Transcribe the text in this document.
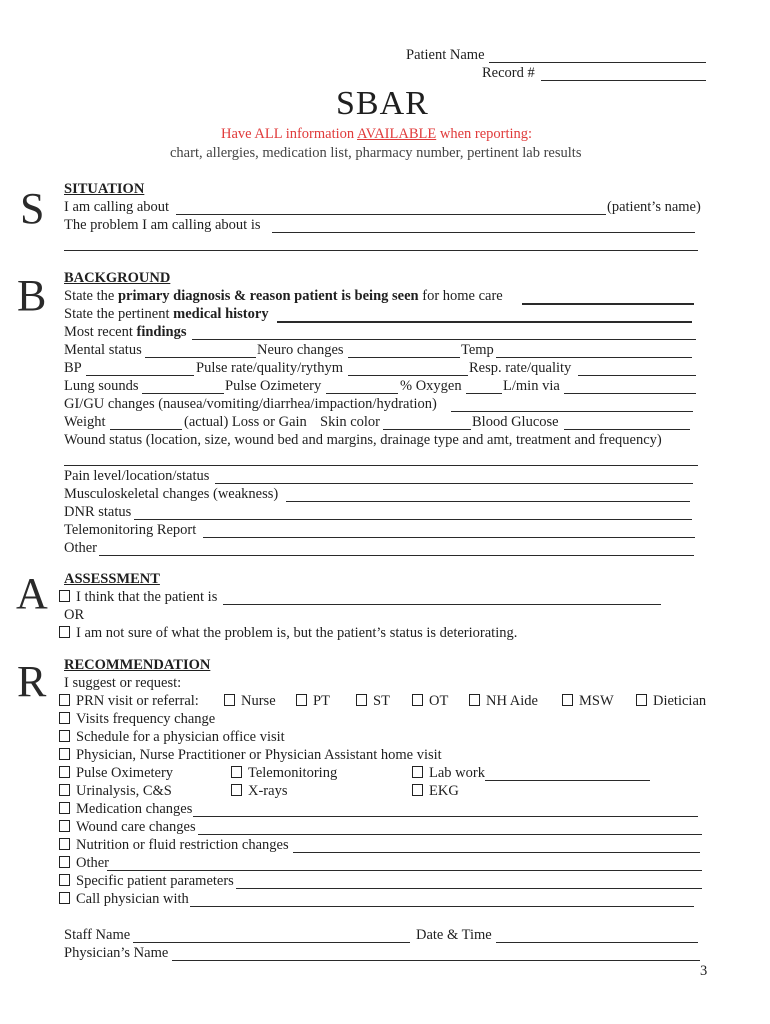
Patient Name
Record #
SBAR
Have ALL information AVAILABLE when reporting:
chart, allergies, medication list, pharmacy number, pertinent lab results
S SITUATION
I am calling about	(patient’s name)
The problem I am calling about is
B BACKGROUND
State the primary diagnosis & reason patient is being seen for home care
State the pertinent medical history
Most recent findings
Mental status	Neuro changes	Temp
BP	Pulse rate/quality/rythym	Resp. rate/quality
Lung sounds	Pulse Ozimetery	% Oxygen	L/min via
GI/GU changes (nausea/vomiting/diarrhea/impaction/hydration)
Weight	(actual) Loss or Gain Skin color	Blood Glucose
Wound status (location, size, wound bed and margins, drainage type and amt, treatment and frequency)
Pain level/location/status
Musculoskeletal changes (weakness)
DNR status
Telemonitoring Report
Other
A ASSESSMENT
I think that the patient is
OR
I am not sure of what the problem is, but the patient’s status is deteriorating.
R RECOMMENDATION
I suggest or request:
PRN visit or referral:	Nurse	PT	ST	OT	NH Aide	MSW	Dietician
Visits frequency change
Schedule for a physician office visit
Physician, Nurse Practitioner or Physician Assistant home visit
Pulse Oximetery	Telemonitoring	Lab work
Urinalysis, C&S	X-rays	EKG
Medication changes
Wound care changes
Nutrition or fluid restriction changes
Other
Specific patient parameters
Call physician with
Staff Name	Date & Time
Physician’s Name
3
